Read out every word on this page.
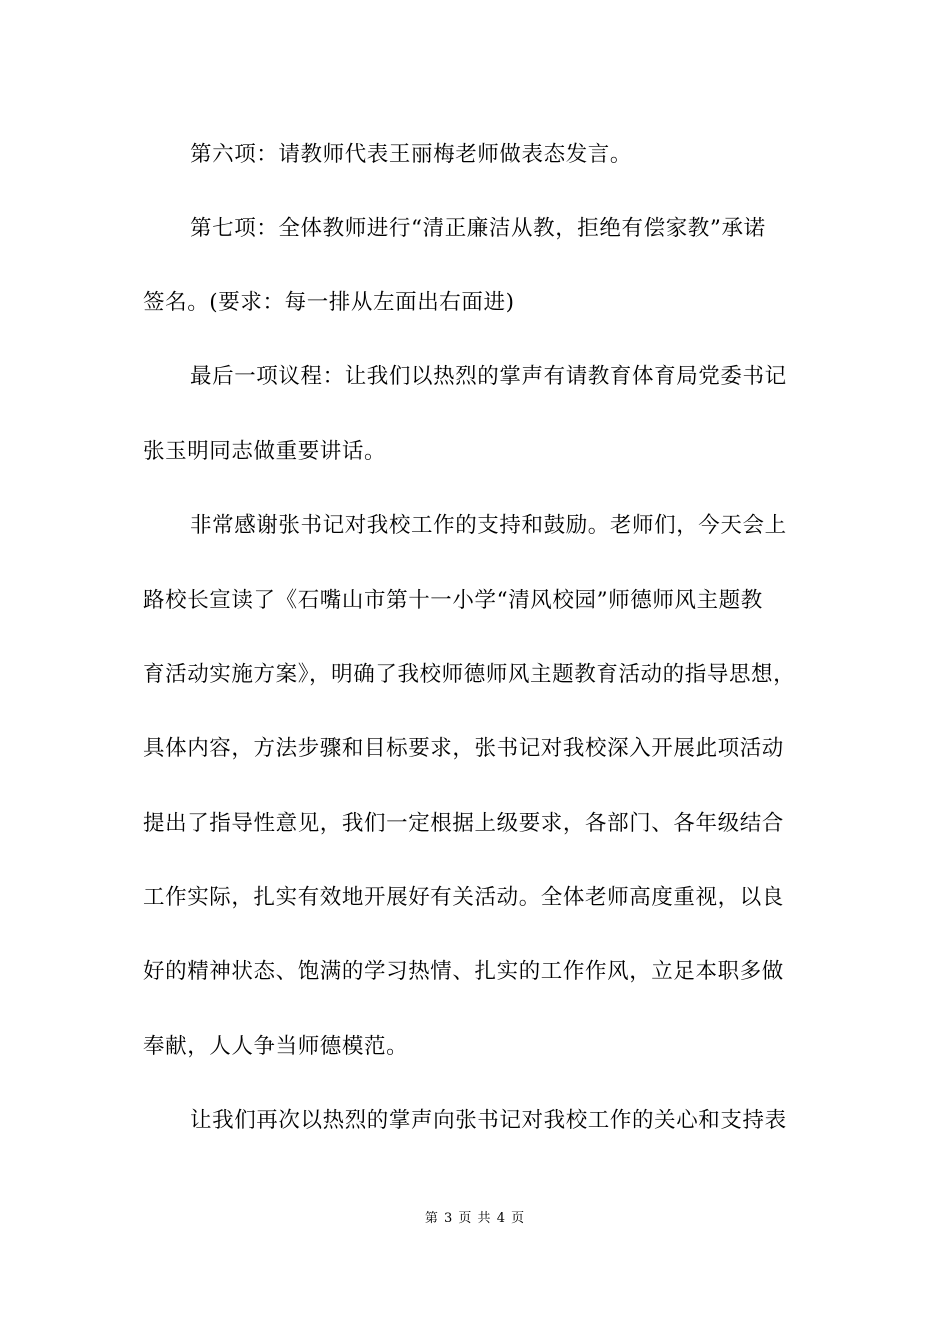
第六项：请教师代表王丽梅老师做表态发言。
第七项：全体教师进行“清正廉洁从教，拒绝有偿家教”承诺
签名。(要求：每一排从左面出右面进)
最后一项议程：让我们以热烈的掌声有请教育体育局党委书记
张玉明同志做重要讲话。
非常感谢张书记对我校工作的支持和鼓励。老师们，今天会上
路校长宣读了《石嘴山市第十一小学“清风校园”师德师风主题教
育活动实施方案》，明确了我校师德师风主题教育活动的指导思想，
具体内容，方法步骤和目标要求，张书记对我校深入开展此项活动
提出了指导性意见，我们一定根据上级要求，各部门、各年级结合
工作实际，扎实有效地开展好有关活动。全体老师高度重视，以良
好的精神状态、饱满的学习热情、扎实的工作作风，立足本职多做
奉献，人人争当师德模范。
让我们再次以热烈的掌声向张书记对我校工作的关心和支持表
第 3 页 共 4 页
